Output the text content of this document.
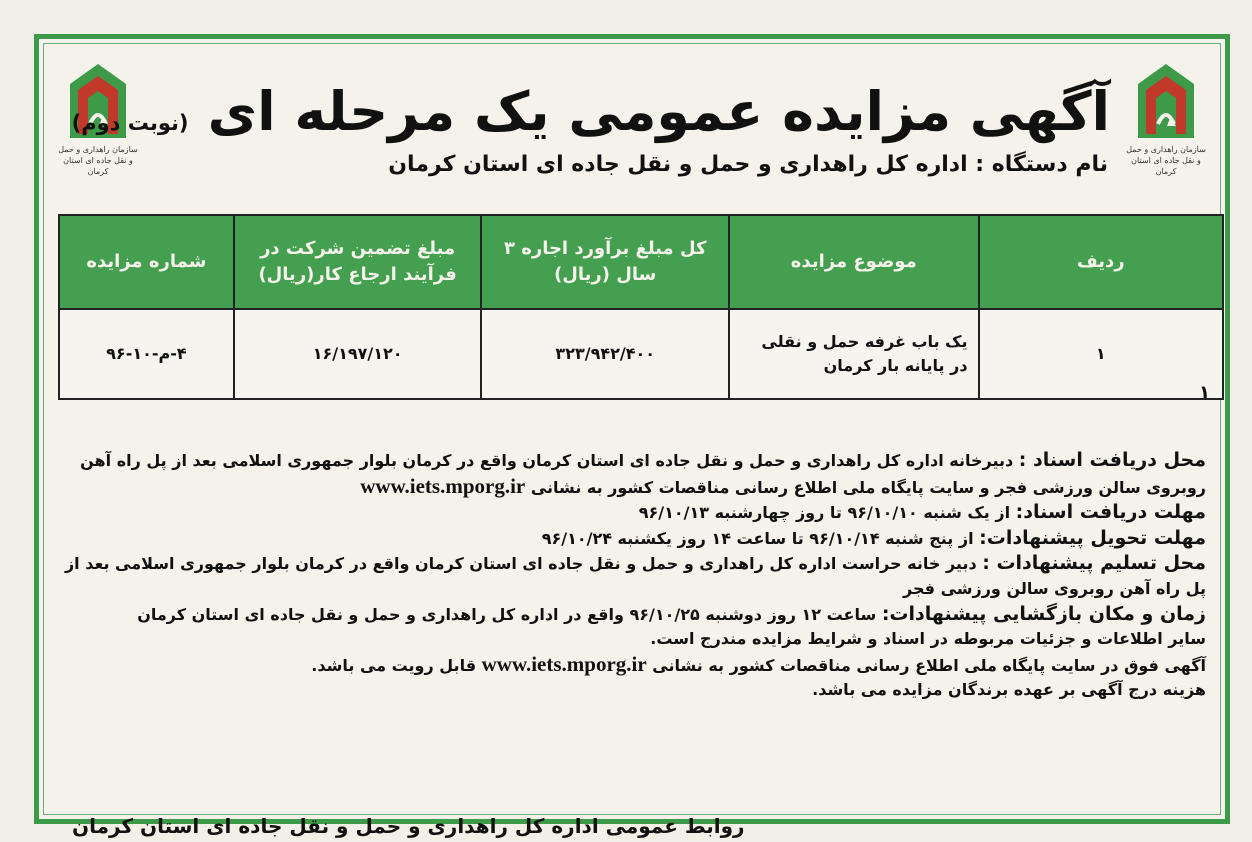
سازمان راهداری و حمل و نقل جاده ای استان کرمان
سازمان راهداری و حمل و نقل جاده ای استان کرمان
آگهی مزایده عمومی یک مرحله ای (نوبت دوم)
نام دستگاه : اداره کل راهداری و حمل و نقل جاده ای استان کرمان
ردیف	موضوع مزایده	کل مبلغ برآورد اجاره ۳ سال (ریال)	مبلغ تضمین شرکت در فرآیند ارجاع کار(ریال)	شماره مزایده
۱	یک باب غرفه حمل و نقلی در پایانه بار کرمان	۳۲۳/۹۴۲/۴۰۰	۱۶/۱۹۷/۱۲۰	۴-م-۱۰-۹۶
۱

محل دریافت اسناد : دبیرخانه اداره کل راهداری و حمل و نقل جاده ای استان کرمان واقع در کرمان بلوار جمهوری اسلامی بعد از پل راه آهن

روبروی سالن ورزشی فجر و سایت پایگاه ملی اطلاع رسانی مناقصات کشور به نشانی www.iets.mporg.ir

مهلت دریافت اسناد: از یک شنبه ۹۶/۱۰/۱۰ تا روز چهارشنبه ۹۶/۱۰/۱۳

مهلت تحویل پیشنهادات: از پنج شنبه ۹۶/۱۰/۱۴ تا ساعت ۱۴ روز یکشنبه ۹۶/۱۰/۲۴

محل تسلیم پیشنهادات : دبیر خانه حراست اداره کل راهداری و حمل و نقل جاده ای استان کرمان واقع در کرمان بلوار جمهوری اسلامی بعد از

پل راه آهن روبروی سالن ورزشی فجر

زمان و مکان بازگشایی پیشنهادات: ساعت ۱۲ روز دوشنبه ۹۶/۱۰/۲۵ واقع در اداره کل راهداری و حمل و نقل جاده ای استان کرمان

سایر اطلاعات و جزئیات مربوطه در اسناد و شرایط مزایده مندرج است.

آگهی فوق در سایت پایگاه ملی اطلاع رسانی مناقصات کشور به نشانی www.iets.mporg.ir قابل رویت می باشد.

هزینه درج آگهی بر عهده برندگان مزایده می باشد.

روابط عمومی اداره کل راهداری و حمل و نقل جاده ای استان کرمان
